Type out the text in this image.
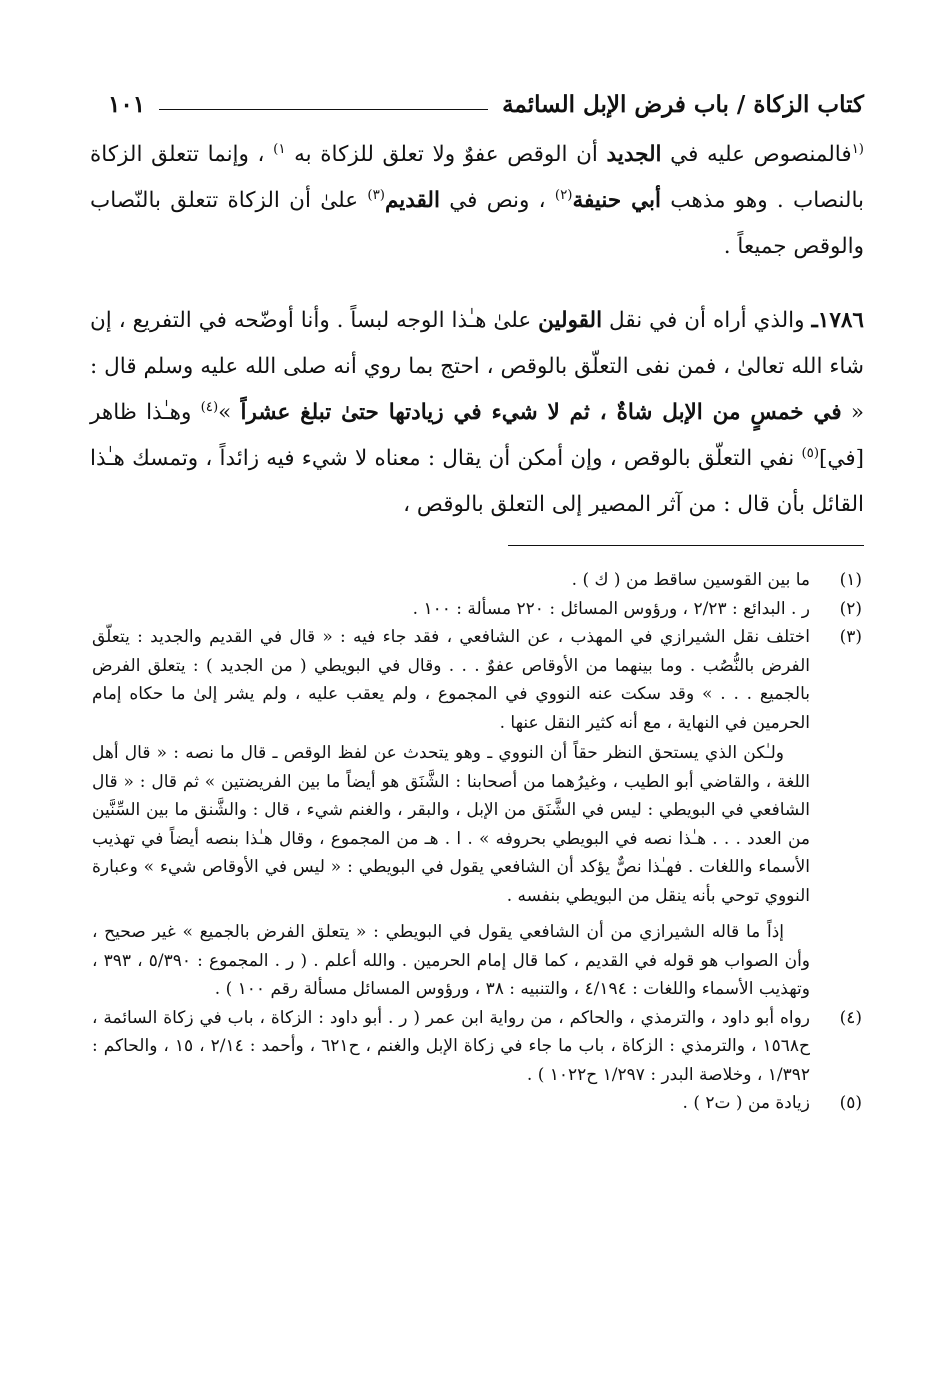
كتاب الزكاة / باب فرض الإبل السائمة
١٠١

$^{(١}$فالمنصوص عليه في الجديد أن الوقص عفوٌ ولا تعلق للزكاة به $^{١)}$ ، وإنما تتعلق الزكاة بالنصاب . وهو مذهب أبي حنيفة$^{(٢)}$ ، ونص في القديم$^{(٣)}$ علىٰ أن الزكاة تتعلق بالنّصاب والوقص جميعاً .

١٧٨٦ـ والذي أراه أن في نقل القولين علىٰ هـٰذا الوجه لبساً . وأنا أوضّحه في التفريع ، إن شاء الله تعالىٰ ، فمن نفى التعلّق بالوقص ، احتج بما روي أنه صلى الله عليه وسلم قال : « في خمسٍ من الإبل شاةٌ ، ثم لا شيء في زيادتها حتىٰ تبلغ عشراً »$^{(٤)}$ وهـٰذا ظاهر [في]$^{(٥)}$ نفي التعلّق بالوقص ، وإن أمكن أن يقال : معناه لا شيء فيه زائداً ، وتمسك هـٰذا القائل بأن قال : من آثر المصير إلى التعلق بالوقص ،

(١)

ما بين القوسين ساقط من ( ك ) .

(٢)

ر . البدائع : ٢/٢٣ ، ورؤوس المسائل : ٢٢٠ مسألة : ١٠٠ .

(٣)

اختلف نقل الشيرازي في المهذب ، عن الشافعي ، فقد جاء فيه : « قال في القديم والجديد : يتعلّق الفرض بالنُّصُب . وما بينهما من الأوقاص عفوٌ . . . وقال في البويطي ( من الجديد ) : يتعلق الفرض بالجميع . . . » وقد سكت عنه النووي في المجموع ، ولم يعقب عليه ، ولم يشر إلىٰ ما حكاه إمام الحرمين في النهاية ، مع أنه كثير النقل عنها .

ولـٰكن الذي يستحق النظر حقاً أن النووي ـ وهو يتحدث عن لفظ الوقص ـ قال ما نصه : « قال أهل اللغة ، والقاضي أبو الطيب ، وغيرُهما من أصحابنا : الشَّنَق هو أيضاً ما بين الفريضتين » ثم قال : « قال الشافعي في البويطي : ليس في الشَّنَق من الإبل ، والبقر ، والغنم شيء ، قال : والشَّنق ما بين السِّنَّين من العدد . . . هـٰذا نصه في البويطي بحروفه » . ا . هـ من المجموع ، وقال هـٰذا بنصه أيضاً في تهذيب الأسماء واللغات . فهـٰذا نصٌّ يؤكد أن الشافعي يقول في البويطي : « ليس في الأوقاص شيء » وعبارة النووي توحي بأنه ينقل من البويطي بنفسه .

إذاً ما قاله الشيرازي من أن الشافعي يقول في البويطي : « يتعلق الفرض بالجميع » غير صحيح ، وأن الصواب هو قوله في القديم ، كما قال إمام الحرمين . والله أعلم . ( ر . المجموع : ٥/٣٩٠ ، ٣٩٣ ، وتهذيب الأسماء واللغات : ٤/١٩٤ ، والتنبيه : ٣٨ ، ورؤوس المسائل مسألة رقم ١٠٠ ) .

(٤)

رواه أبو داود ، والترمذي ، والحاكم ، من رواية ابن عمر ( ر . أبو داود : الزكاة ، باب في زكاة السائمة ، ح١٥٦٨ ، والترمذي : الزكاة ، باب ما جاء في زكاة الإبل والغنم ، ح٦٢١ ، وأحمد : ٢/١٤ ، ١٥ ، والحاكم : ١/٣٩٢ ، وخلاصة البدر : ١/٢٩٧ ح١٠٢٢ ) .

(٥)

زيادة من ( ت٢ ) .
